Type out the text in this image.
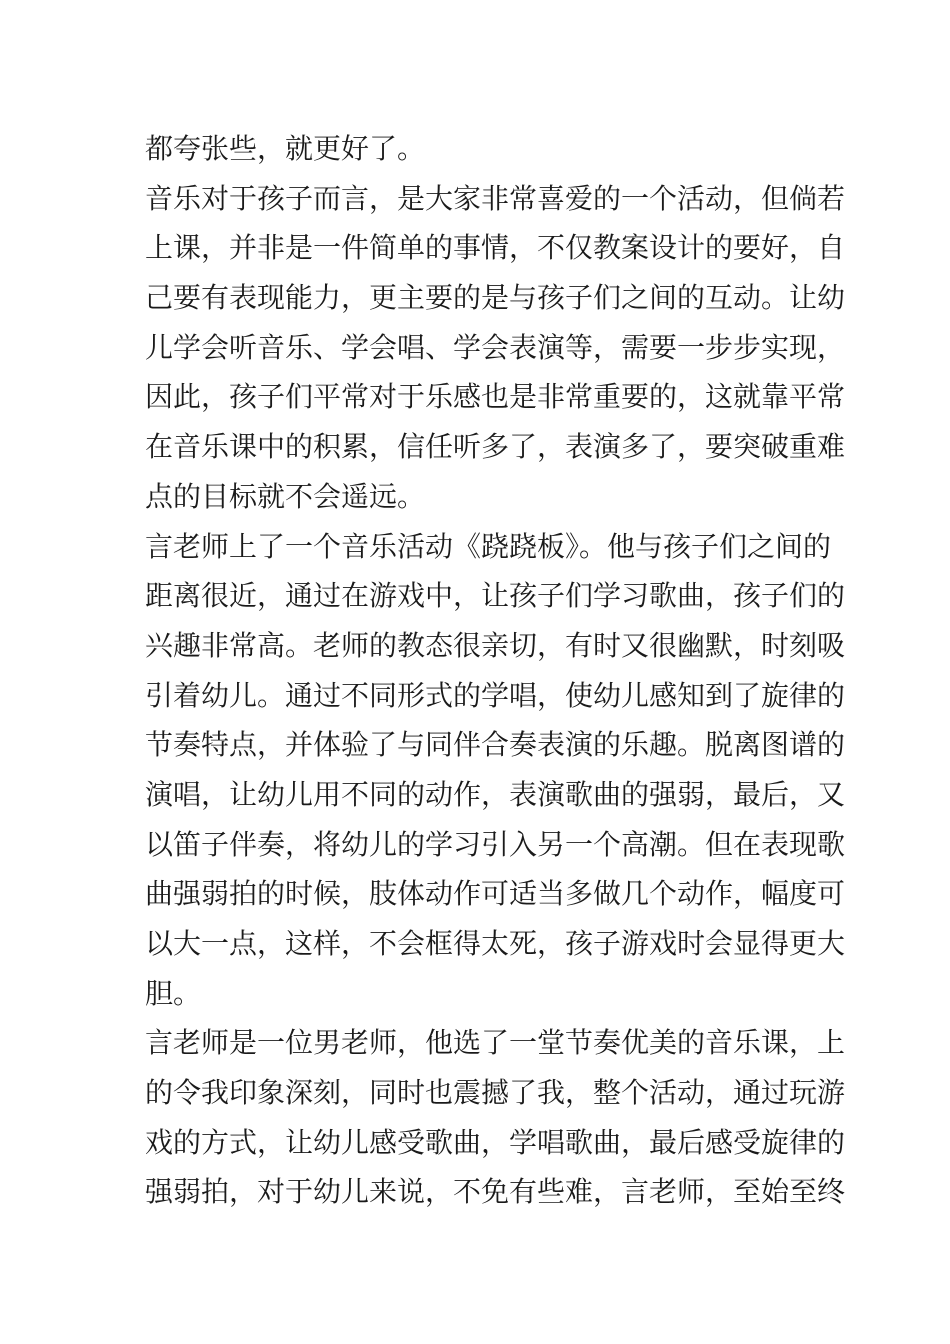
都夸张些，就更好了。
音乐对于孩子而言，是大家非常喜爱的一个活动，但倘若
上课，并非是一件简单的事情，不仅教案设计的要好，自
己要有表现能力，更主要的是与孩子们之间的互动。让幼
儿学会听音乐、学会唱、学会表演等，需要一步步实现，
因此，孩子们平常对于乐感也是非常重要的，这就靠平常
在音乐课中的积累，信任听多了，表演多了，要突破重难
点的目标就不会遥远。
言老师上了一个音乐活动《跷跷板》。他与孩子们之间的
距离很近，通过在游戏中，让孩子们学习歌曲，孩子们的
兴趣非常高。老师的教态很亲切，有时又很幽默，时刻吸
引着幼儿。通过不同形式的学唱，使幼儿感知到了旋律的
节奏特点，并体验了与同伴合奏表演的乐趣。脱离图谱的
演唱，让幼儿用不同的动作，表演歌曲的强弱，最后，又
以笛子伴奏，将幼儿的学习引入另一个高潮。但在表现歌
曲强弱拍的时候，肢体动作可适当多做几个动作，幅度可
以大一点，这样，不会框得太死，孩子游戏时会显得更大
胆。
言老师是一位男老师，他选了一堂节奏优美的音乐课，上
的令我印象深刻，同时也震撼了我，整个活动，通过玩游
戏的方式，让幼儿感受歌曲，学唱歌曲，最后感受旋律的
强弱拍，对于幼儿来说，不免有些难，言老师，至始至终
